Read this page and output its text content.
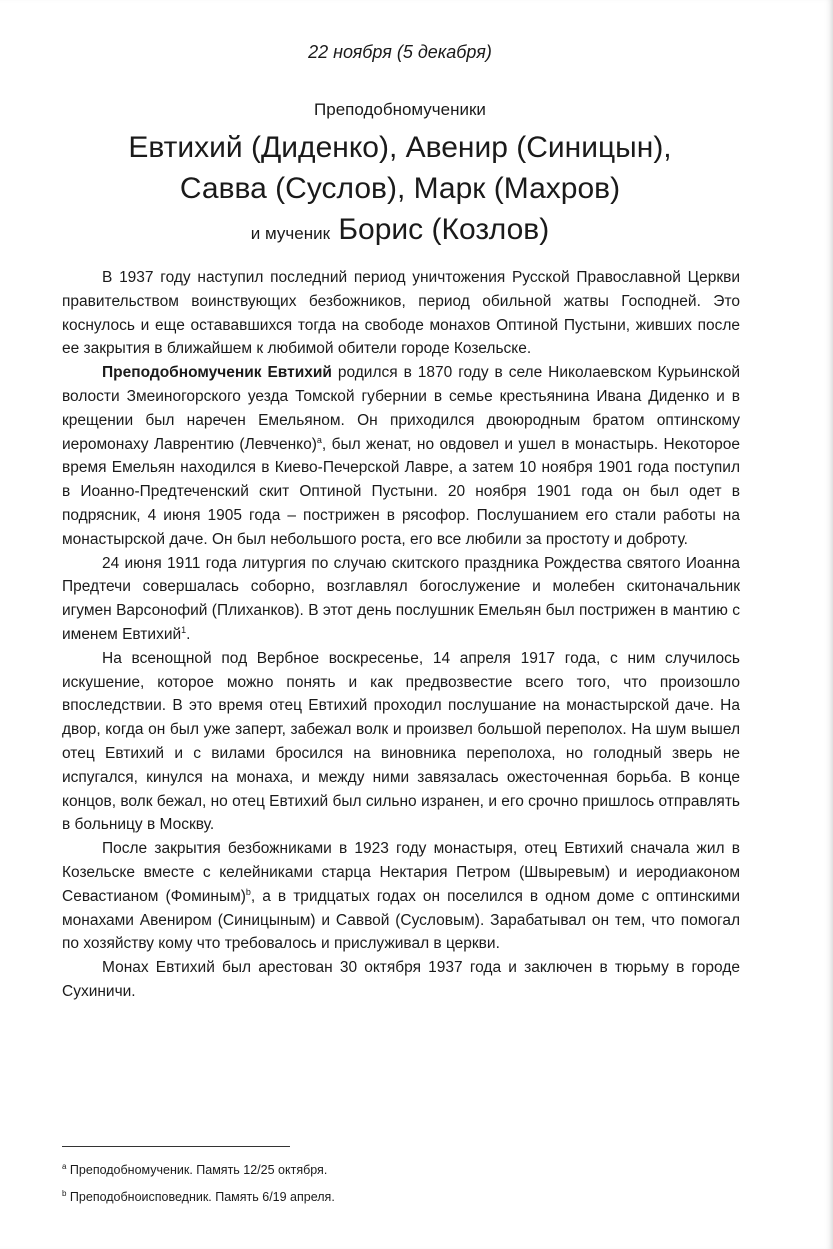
22 ноября (5 декабря)
Преподобномученики
Евтихий (Диденко), Авенир (Синицын),
Савва (Суслов), Марк (Махров)
и мученик Борис (Козлов)

В 1937 году наступил последний период уничтожения Русской Православной Церкви правительством воинствующих безбожников, период обильной жатвы Господней. Это коснулось и еще остававшихся тогда на свободе монахов Оптиной Пустыни, живших после ее закрытия в ближайшем к любимой обители городе Козельске.

Преподобномученик Евтихий родился в 1870 году в селе Николаевском Курьинской волости Змеиногорского уезда Томской губернии в семье крестьянина Ивана Диденко и в крещении был наречен Емельяном. Он приходился двоюродным братом оптинскому иеромонаху Лаврентию (Левченко)$^a$, был женат, но овдовел и ушел в монастырь. Некоторое время Емельян находился в Киево-Печерской Лавре, а затем 10 ноября 1901 года поступил в Иоанно-Предтеченский скит Оптиной Пустыни. 20 ноября 1901 года он был одет в подрясник, 4 июня 1905 года – пострижен в рясофор. Послушанием его стали работы на монастырской даче. Он был небольшого роста, его все любили за простоту и доброту.

24 июня 1911 года литургия по случаю скитского праздника Рождества святого Иоанна Предтечи совершалась соборно, возглавлял богослужение и молебен скитоначальник игумен Варсонофий (Плиханков). В этот день послушник Емельян был пострижен в мантию с именем Евтихий$^1$.

На всенощной под Вербное воскресенье, 14 апреля 1917 года, с ним случилось искушение, которое можно понять и как предвозвестие всего того, что произошло впоследствии. В это время отец Евтихий проходил послушание на монастырской даче. На двор, когда он был уже заперт, забежал волк и произвел большой переполох. На шум вышел отец Евтихий и с вилами бросился на виновника переполоха, но голодный зверь не испугался, кинулся на монаха, и между ними завязалась ожесточенная борьба. В конце концов, волк бежал, но отец Евтихий был сильно изранен, и его срочно пришлось отправлять в больницу в Москву.

После закрытия безбожниками в 1923 году монастыря, отец Евтихий сначала жил в Козельске вместе с келейниками старца Нектария Петром (Швыревым) и иеродиаконом Севастианом (Фоминым)$^b$, а в тридцатых годах он поселился в одном доме с оптинскими монахами Авениром (Синицыным) и Саввой (Сусловым). Зарабатывал он тем, что помогал по хозяйству кому что требовалось и прислуживал в церкви.

Монах Евтихий был арестован 30 октября 1937 года и заключен в тюрьму в городе Сухиничи.

$^a$ Преподобномученик. Память 12/25 октября.
$^b$ Преподобноисповедник. Память 6/19 апреля.
